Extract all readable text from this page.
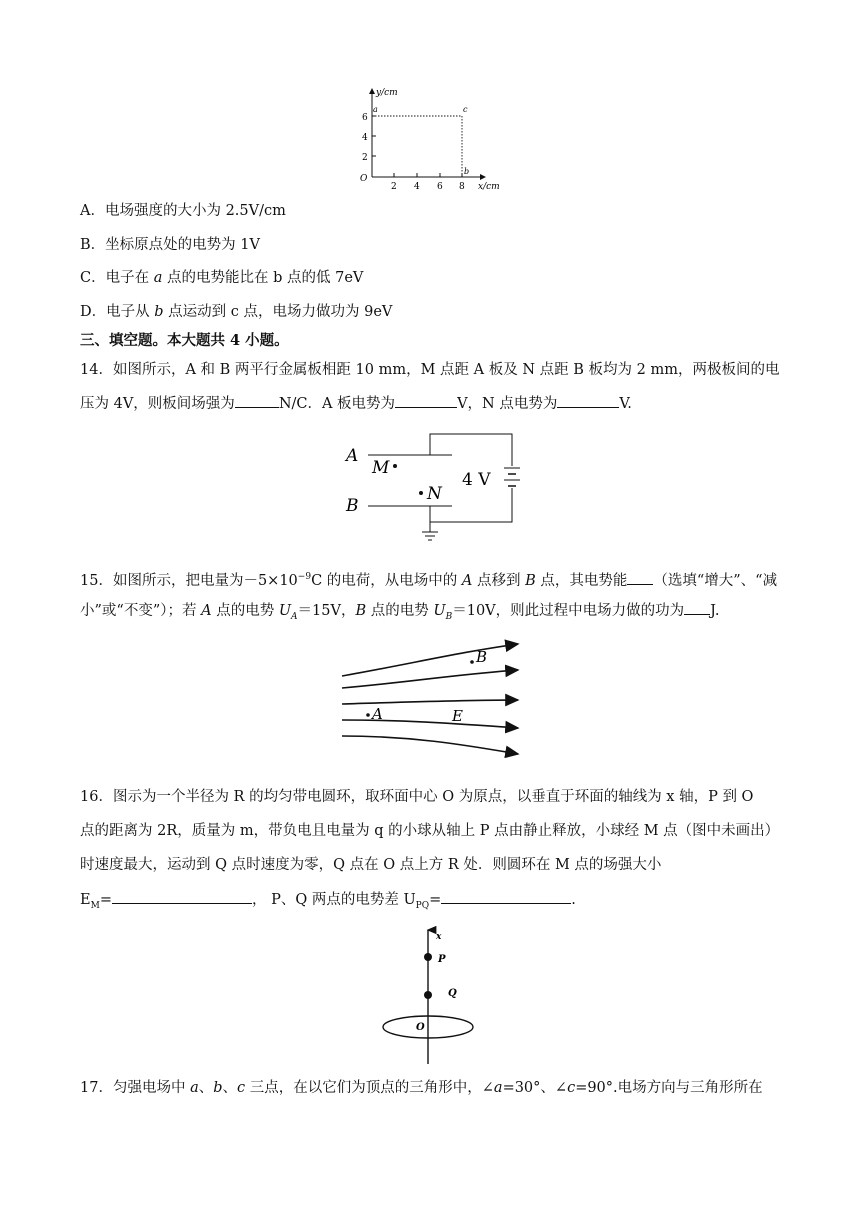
y/cm
x/cm
6
4
2
O
2 4 6 8
a	c
b
A．电场强度的大小为 2.5V/cm
B．坐标原点处的电势为 1V
C．电子在 a 点的电势能比在 b 点的低 7eV
D．电子从 b 点运动到 c 点，电场力做功为 9eV
三、填空题。本大题共 4 小题。
14．如图所示，A 和 B 两平行金属板相距 10 mm，M 点距 A 板及 N 点距 B 板均为 2 mm，两极板间的电
压为 4V，则板间场强为	N/C．A 板电势为	V，N 点电势为	V.
A
B
M
N
4 V
15．如图所示，把电量为$-5\times 10^{-9}C$ 的电荷，从电场中的 A 点移到 B 点，其电势能 （选填“增大”、“减
小”或“不变”）；若 A 点的电势 $U_A=15V$，B 点的电势 $U_B=10V$，则此过程中电场力做的功为 J.
B
A	E
16．图示为一个半径为 R 的均匀带电圆环，取环面中心 O 为原点，以垂直于环面的轴线为 x 轴，P 到 O
点的距离为 2R，质量为 m，带负电且电量为 q 的小球从轴上 P 点由静止释放，小球经 M 点（图中未画出）
时速度最大，运动到 Q 点时速度为零，Q 点在 O 点上方 R 处．则圆环在 M 点的场强大小
$E_M=$	， P、Q 两点的电势差 $U_{PQ}=$	.
x
P
Q
O
17．匀强电场中 a、b、c 三点，在以它们为顶点的三角形中，∠a=30°、∠c=90°.电场方向与三角形所在
